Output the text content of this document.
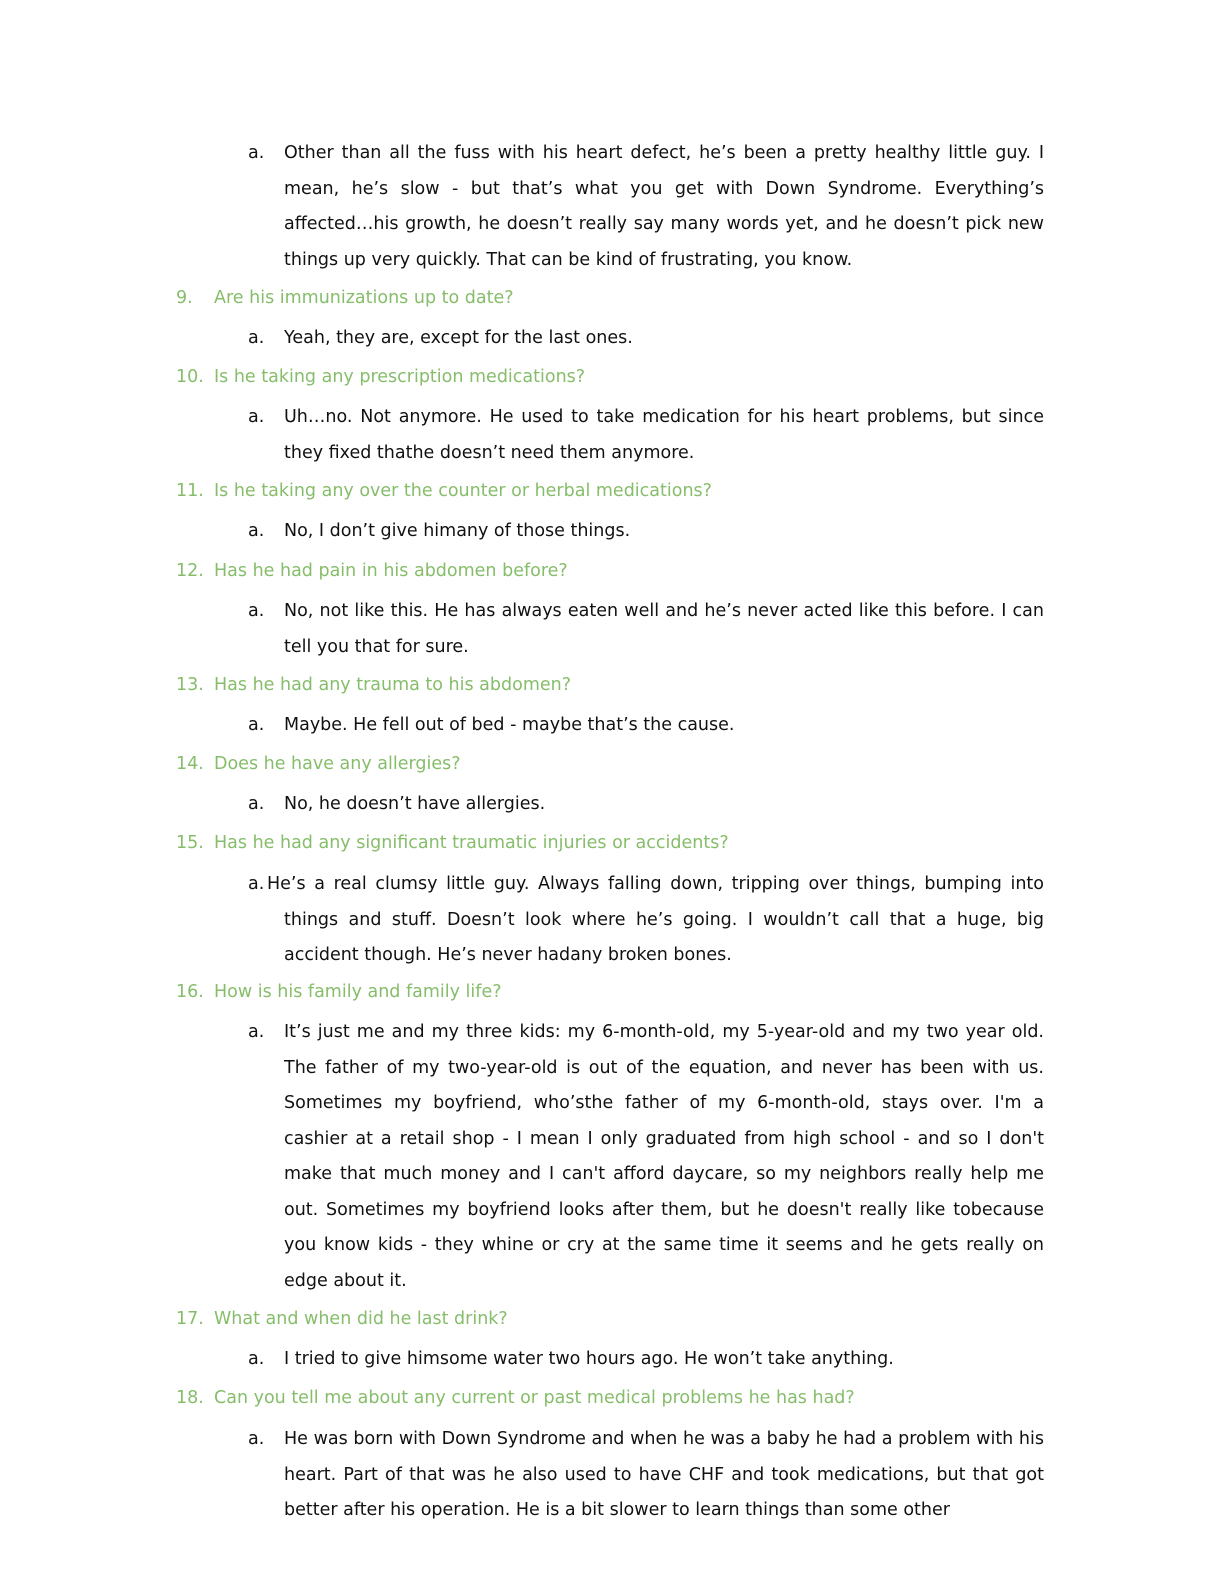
a. Other than all the fuss with his heart defect, he’s been a pretty healthy little guy. I mean, he’s slow - but that’s what you get with Down Syndrome. Everything’s affected…his growth, he doesn’t really say many words yet, and he doesn’t pick new things up very quickly. That can be kind of frustrating, you know.
9. Are his immunizations up to date?
a. Yeah, they are, except for the last ones.
10. Is he taking any prescription medications?
a. Uh…no. Not anymore. He used to take medication for his heart problems, but since they fixed thathe doesn’t need them anymore.
11. Is he taking any over the counter or herbal medications?
a. No, I don’t give himany of those things.
12. Has he had pain in his abdomen before?
a. No, not like this. He has always eaten well and he’s never acted like this before. I can tell you that for sure.
13. Has he had any trauma to his abdomen?
a. Maybe. He fell out of bed - maybe that’s the cause.
14. Does he have any allergies?
a. No, he doesn’t have allergies.
15. Has he had any significant traumatic injuries or accidents?
a. He’s a real clumsy little guy. Always falling down, tripping over things, bumping into things and stuff. Doesn’t look where he’s going. I wouldn’t call that a huge, big accident though. He’s never hadany broken bones.
16. How is his family and family life?
a. It’s just me and my three kids: my 6-month-old, my 5-year-old and my two year old. The father of my two-year-old is out of the equation, and never has been with us. Sometimes my boyfriend, who’sthe father of my 6-month-old, stays over. I'm a cashier at a retail shop - I mean I only graduated from high school - and so I don't make that much money and I can't afford daycare, so my neighbors really help me out. Sometimes my boyfriend looks after them, but he doesn't really like tobecause you know kids - they whine or cry at the same time it seems and he gets really on edge about it.
17. What and when did he last drink?
a. I tried to give himsome water two hours ago. He won’t take anything.
18. Can you tell me about any current or past medical problems he has had?
a. He was born with Down Syndrome and when he was a baby he had a problem with his heart. Part of that was he also used to have CHF and took medications, but that got better after his operation. He is a bit slower to learn things than some other
